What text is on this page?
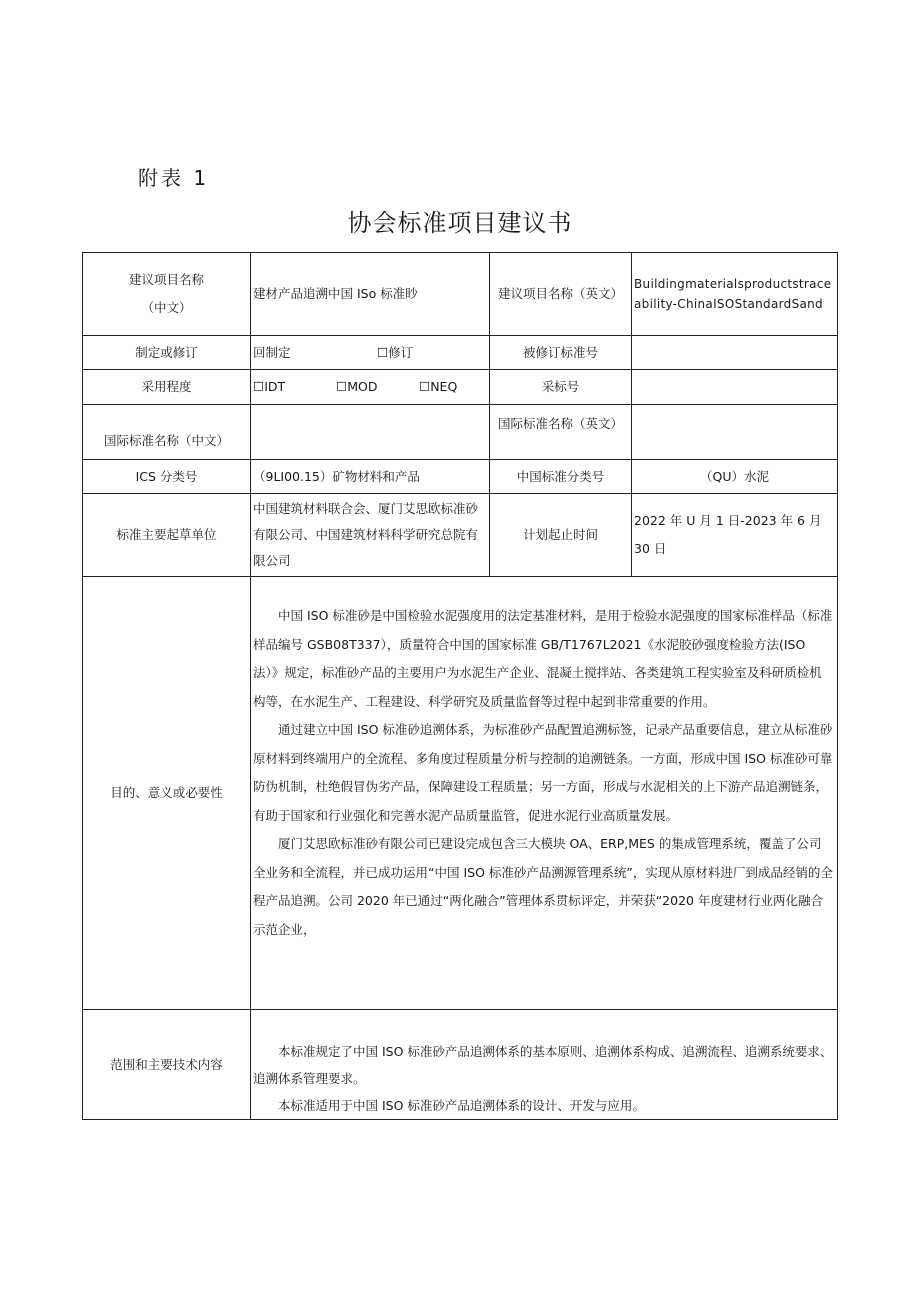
附表 1
协会标准项目建议书
建议项目名称
（中文）	建材产品追溯中国 ISo 标准眇	建议项目名称（英文）	Buildingmaterialsproductstraceability-ChinaISOStandardSand
制定或修订	回制定 ☐修订	被修订标准号	
采用程度	☐IDT ☐MOD ☐NEQ	采标号	
国际标准名称（中文）		国际标准名称（英文）	
ICS 分类号	（9LI00.15）矿物材料和产品	中国标准分类号	（QU）水泥
标准主要起草单位	中国建筑材料联合会、厦门艾思欧标准砂有限公司、中国建筑材料科学研究总院有限公司	计划起止时间	2022 年 U 月 1 日-2023 年 6 月
30 日

目的、意义或必要性	中国 ISO 标准砂是中国检验水泥强度用的法定基准材料，是用于检验水泥强度的国家标准样品（标准样品编号 GSB08T337），质量符合中国的国家标准 GB/T1767L2021《水泥胶砂强度检验方法(ISO 法）》规定，标准砂产品的主要用户为水泥生产企业、混凝土搅拌站、各类建筑工程实验室及科研质检机构等，在水泥生产、工程建设、科学研究及质量监督等过程中起到非常重要的作用。

通过建立中国 ISO 标准砂追溯体系，为标准砂产品配置追溯标签，记录产品重要信息，建立从标准砂原材料到终端用户的全流程、多角度过程质量分析与控制的追溯链条。一方面，形成中国 ISO 标准砂可靠防伪机制，杜绝假冒伪劣产品，保障建设工程质量；另一方面，形成与水泥相关的上下游产品追溯链条，有助于国家和行业强化和完善水泥产品质量监管，促进水泥行业高质量发展。

厦门艾思欧标准砂有限公司已建设完成包含三大模块 OA、ERP,MES 的集成管理系统，覆盖了公司全业务和全流程，并已成功运用“中国 ISO 标准砂产品溯源管理系统”，实现从原材料进厂到成品经销的全程产品追溯。公司 2020 年已通过“两化融合”管理体系贯标评定，并荣获“2020 年度建材行业两化融合示范企业，		

范围和主要技术内容	本标准规定了中国 ISO 标准砂产品追溯体系的基本原则、追溯体系构成、追溯流程、追溯系统要求、追溯体系管理要求。

本标准适用于中国 ISO 标准砂产品追溯体系的设计、开发与应用。		
